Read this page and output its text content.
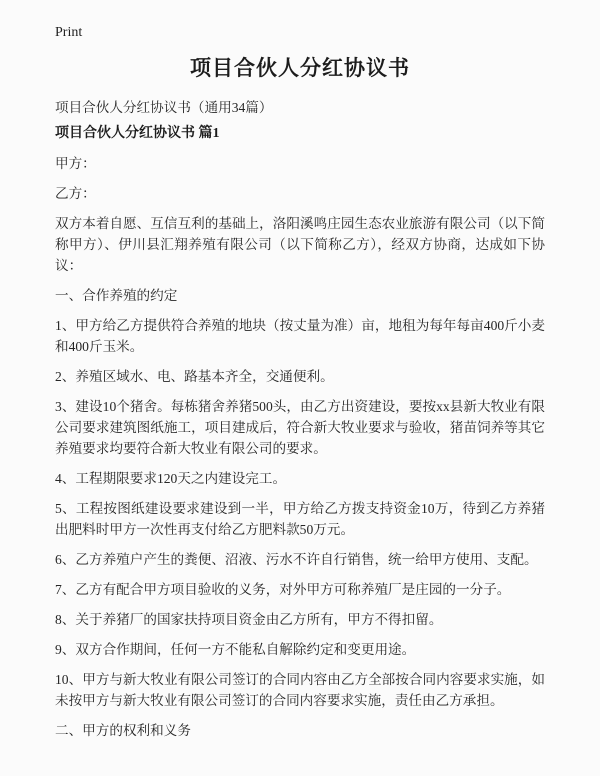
Print
项目合伙人分红协议书

项目合伙人分红协议书（通用34篇）

项目合伙人分红协议书 篇1

甲方：

乙方：

双方本着自愿、互信互利的基础上，洛阳溪鸣庄园生态农业旅游有限公司（以下简称甲方）、伊川县汇翔养殖有限公司（以下简称乙方），经双方协商，达成如下协议：

一、合作养殖的约定

1、甲方给乙方提供符合养殖的地块（按丈量为准）亩，地租为每年每亩400斤小麦和400斤玉米。

2、养殖区域水、电、路基本齐全，交通便利。

3、建设10个猪舍。每栋猪舍养猪500头，由乙方出资建设，要按xx县新大牧业有限公司要求建筑图纸施工，项目建成后，符合新大牧业要求与验收，猪苗饲养等其它养殖要求均要符合新大牧业有限公司的要求。

4、工程期限要求120天之内建设完工。

5、工程按图纸建设要求建设到一半，甲方给乙方拨支持资金10万，待到乙方养猪出肥料时甲方一次性再支付给乙方肥料款50万元。

6、乙方养殖户产生的粪便、沼液、污水不许自行销售，统一给甲方使用、支配。

7、乙方有配合甲方项目验收的义务，对外甲方可称养殖厂是庄园的一分子。

8、关于养猪厂的国家扶持项目资金由乙方所有，甲方不得扣留。

9、双方合作期间，任何一方不能私自解除约定和变更用途。

10、甲方与新大牧业有限公司签订的合同内容由乙方全部按合同内容要求实施，如未按甲方与新大牧业有限公司签订的合同内容要求实施，责任由乙方承担。

二、甲方的权利和义务
